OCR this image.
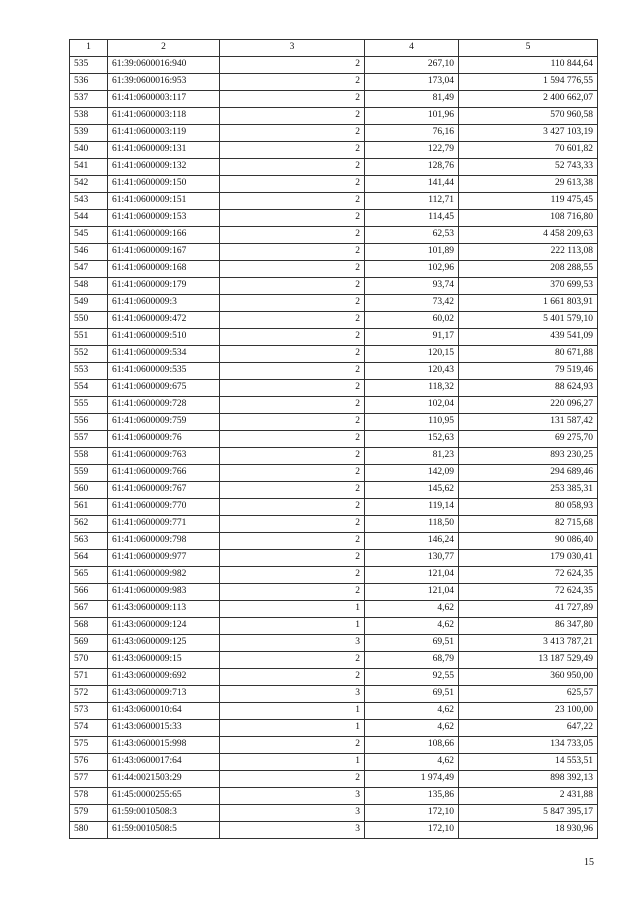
1	2	3	4	5
535	61:39:0600016:940	2	267,10	110 844,64
536	61:39:0600016:953	2	173,04	1 594 776,55
537	61:41:0600003:117	2	81,49	2 400 662,07
538	61:41:0600003:118	2	101,96	570 960,58
539	61:41:0600003:119	2	76,16	3 427 103,19
540	61:41:0600009:131	2	122,79	70 601,82
541	61:41:0600009:132	2	128,76	52 743,33
542	61:41:0600009:150	2	141,44	29 613,38
543	61:41:0600009:151	2	112,71	119 475,45
544	61:41:0600009:153	2	114,45	108 716,80
545	61:41:0600009:166	2	62,53	4 458 209,63
546	61:41:0600009:167	2	101,89	222 113,08
547	61:41:0600009:168	2	102,96	208 288,55
548	61:41:0600009:179	2	93,74	370 699,53
549	61:41:0600009:3	2	73,42	1 661 803,91
550	61:41:0600009:472	2	60,02	5 401 579,10
551	61:41:0600009:510	2	91,17	439 541,09
552	61:41:0600009:534	2	120,15	80 671,88
553	61:41:0600009:535	2	120,43	79 519,46
554	61:41:0600009:675	2	118,32	88 624,93
555	61:41:0600009:728	2	102,04	220 096,27
556	61:41:0600009:759	2	110,95	131 587,42
557	61:41:0600009:76	2	152,63	69 275,70
558	61:41:0600009:763	2	81,23	893 230,25
559	61:41:0600009:766	2	142,09	294 689,46
560	61:41:0600009:767	2	145,62	253 385,31
561	61:41:0600009:770	2	119,14	80 058,93
562	61:41:0600009:771	2	118,50	82 715,68
563	61:41:0600009:798	2	146,24	90 086,40
564	61:41:0600009:977	2	130,77	179 030,41
565	61:41:0600009:982	2	121,04	72 624,35
566	61:41:0600009:983	2	121,04	72 624,35
567	61:43:0600009:113	1	4,62	41 727,89
568	61:43:0600009:124	1	4,62	86 347,80
569	61:43:0600009:125	3	69,51	3 413 787,21
570	61:43:0600009:15	2	68,79	13 187 529,49
571	61:43:0600009:692	2	92,55	360 950,00
572	61:43:0600009:713	3	69,51	625,57
573	61:43:0600010:64	1	4,62	23 100,00
574	61:43:0600015:33	1	4,62	647,22
575	61:43:0600015:998	2	108,66	134 733,05
576	61:43:0600017:64	1	4,62	14 553,51
577	61:44:0021503:29	2	1 974,49	898 392,13
578	61:45:0000255:65	3	135,86	2 431,88
579	61:59:0010508:3	3	172,10	5 847 395,17
580	61:59:0010508:5	3	172,10	18 930,96
15
